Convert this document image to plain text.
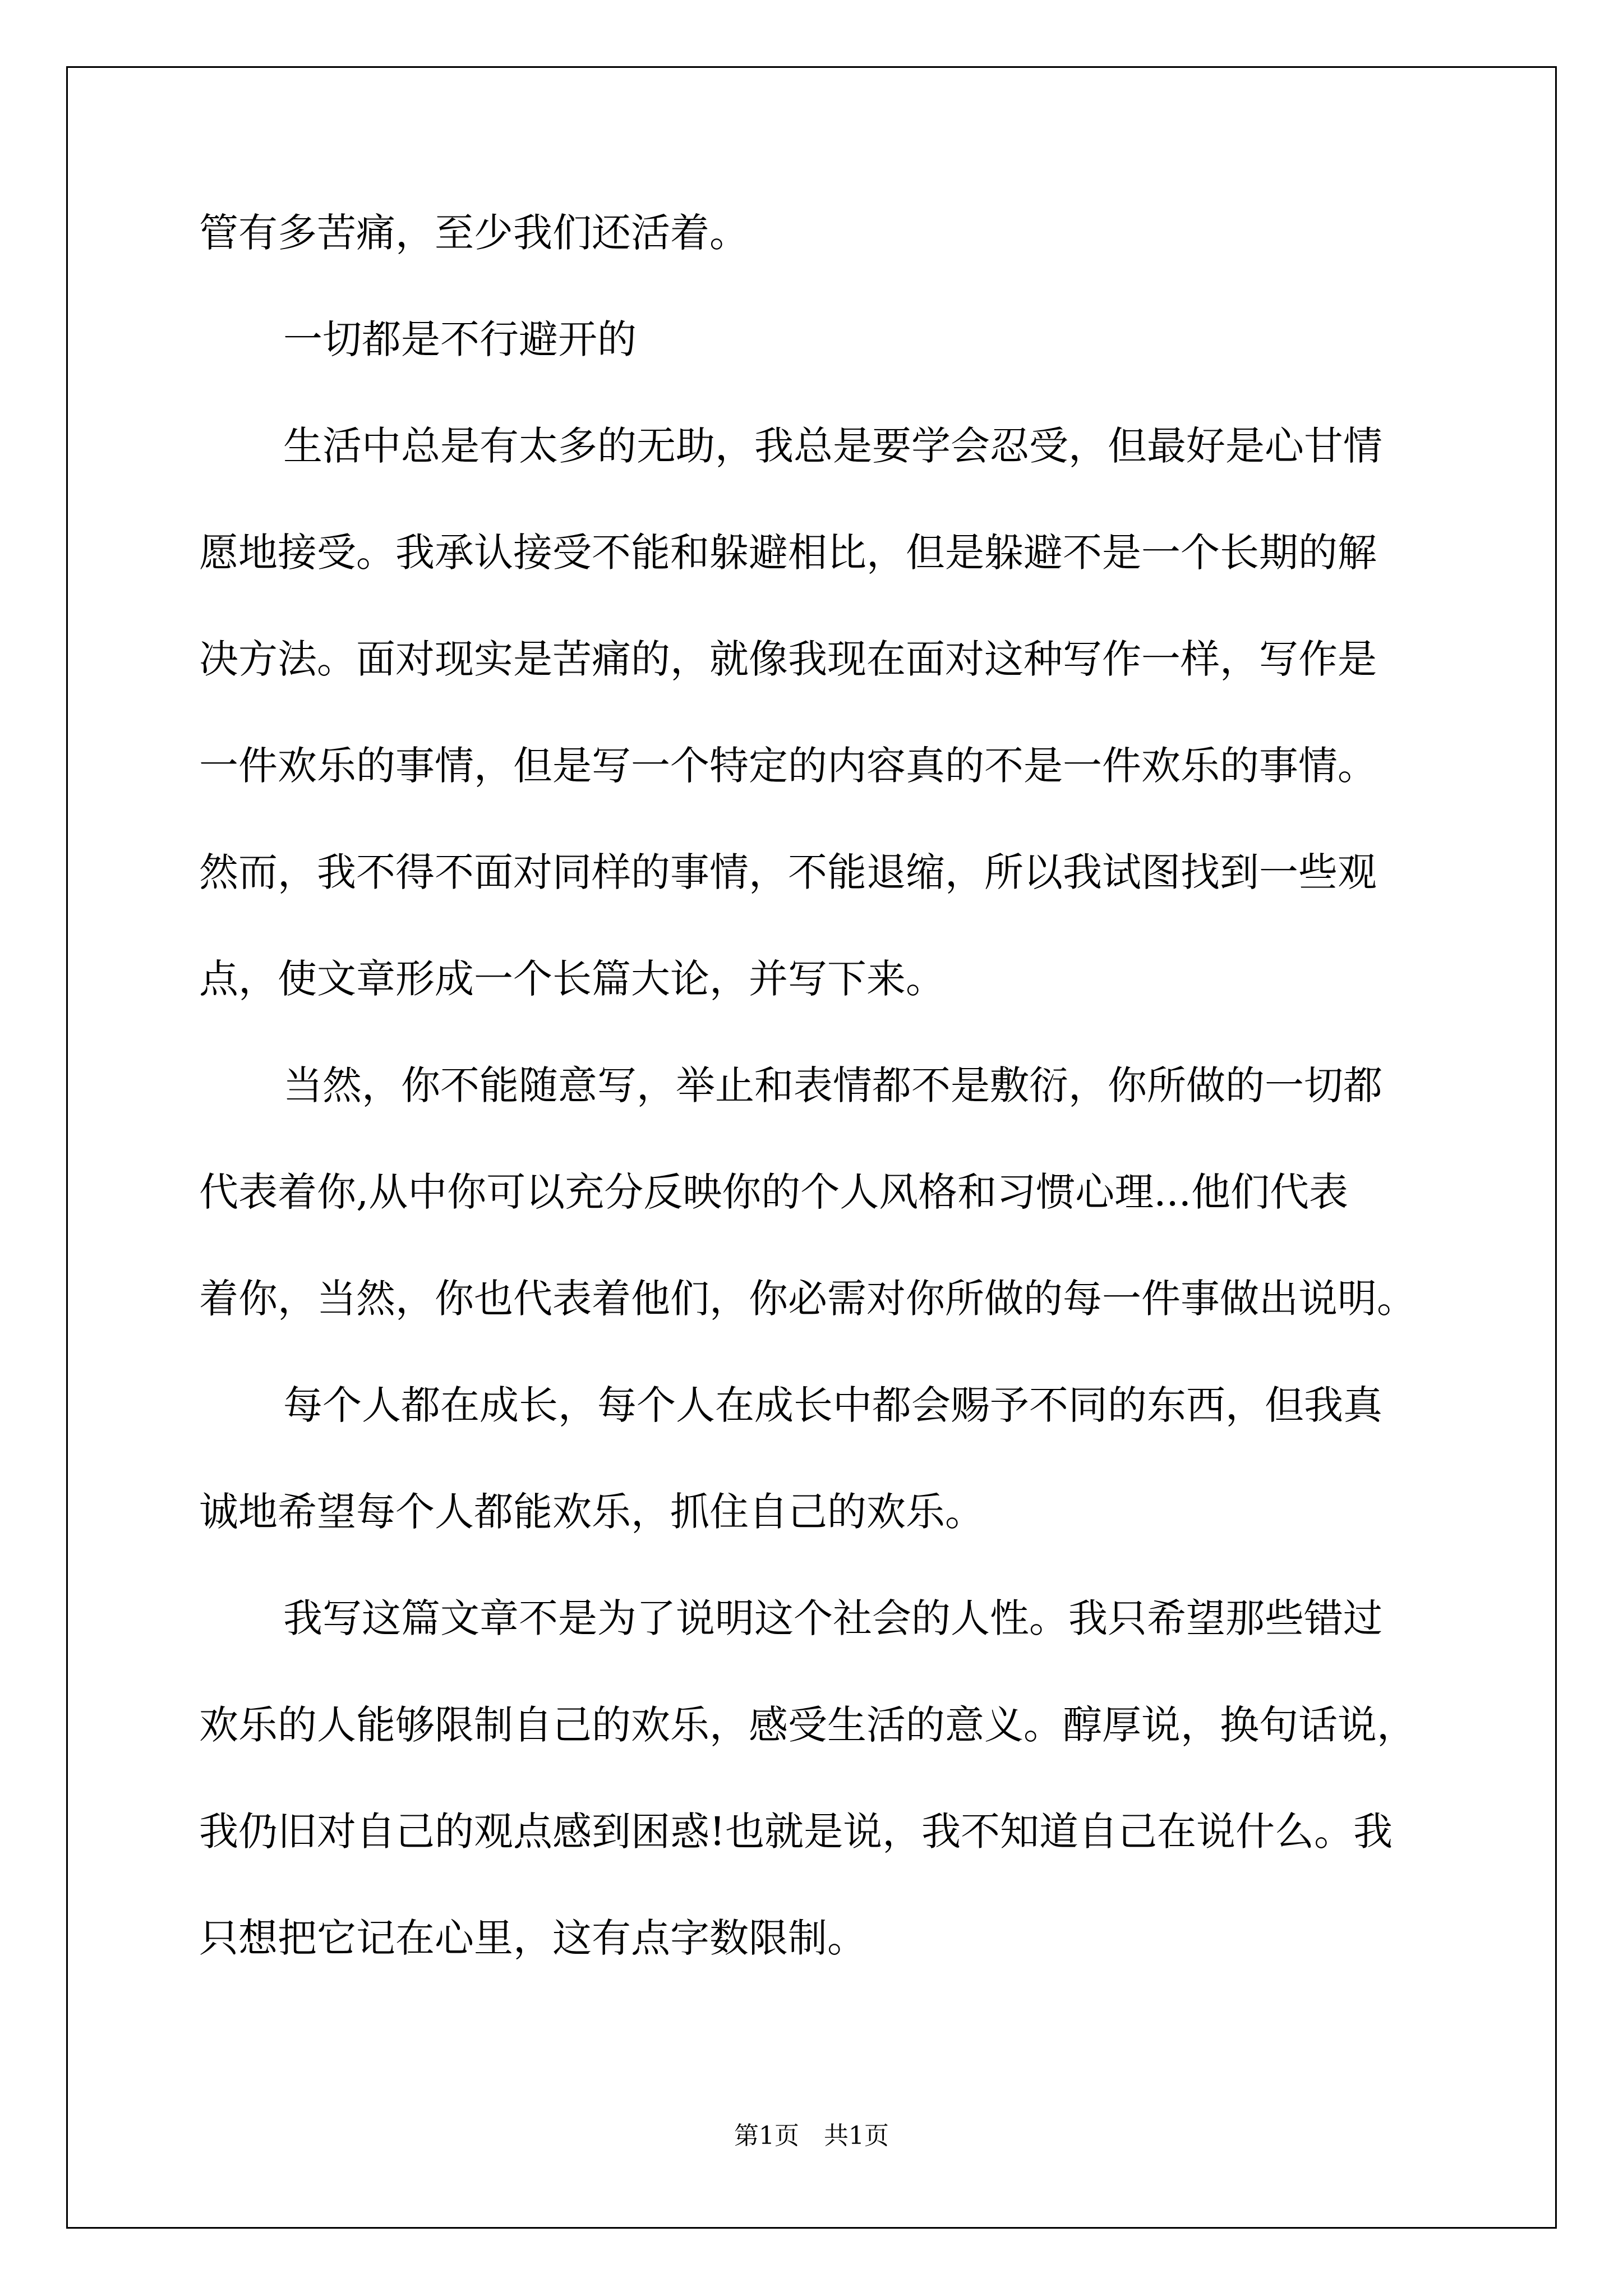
管有多苦痛，至少我们还活着。
一切都是不行避开的
生活中总是有太多的无助，我总是要学会忍受，但最好是心甘情
愿地接受。我承认接受不能和躲避相比，但是躲避不是一个长期的解
决方法。面对现实是苦痛的，就像我现在面对这种写作一样，写作是
一件欢乐的事情，但是写一个特定的内容真的不是一件欢乐的事情。
然而，我不得不面对同样的事情，不能退缩，所以我试图找到一些观
点，使文章形成一个长篇大论，并写下来。
当然，你不能随意写，举止和表情都不是敷衍，你所做的一切都
代表着你,从中你可以充分反映你的个人风格和习惯心理...他们代表
着你，当然，你也代表着他们，你必需对你所做的每一件事做出说明。
每个人都在成长，每个人在成长中都会赐予不同的东西，但我真
诚地希望每个人都能欢乐，抓住自己的欢乐。
我写这篇文章不是为了说明这个社会的人性。我只希望那些错过
欢乐的人能够限制自己的欢乐，感受生活的意义。醇厚说，换句话说，
我仍旧对自己的观点感到困惑!也就是说，我不知道自己在说什么。我
只想把它记在心里，这有点字数限制。
第1页　共1页
